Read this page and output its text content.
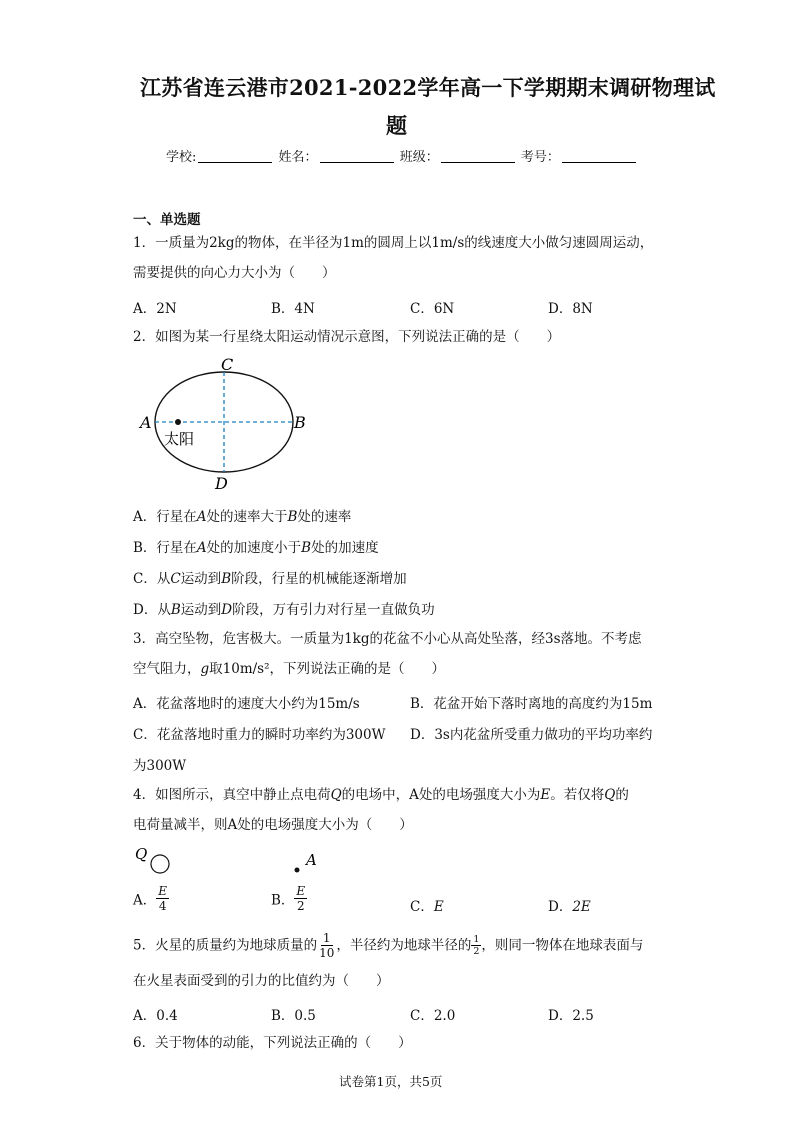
江苏省连云港市2021-2022学年高一下学期期末调研物理试
题
学校:	姓名：	班级：	考号：
一、单选题
1．一质量为2kg的物体，在半径为1m的圆周上以1m/s的线速度大小做匀速圆周运动，
需要提供的向心力大小为（　　）
A．2N	B．4N	C．6N	D．8N
2．如图为某一行星绕太阳运动情况示意图，下列说法正确的是（　　）
A	B
C
D
太阳
A．行星在A处的速率大于B处的速率
B．行星在A处的加速度小于B处的加速度
C．从C运动到B阶段，行星的机械能逐渐增加
D．从B运动到D阶段，万有引力对行星一直做负功
3．高空坠物，危害极大。一质量为1kg的花盆不小心从高处坠落，经3s落地。不考虑
空气阻力，g取10m/s²，下列说法正确的是（　　）
A．花盆落地时的速度大小约为15m/s	B．花盆开始下落时离地的高度约为15m
C．花盆落地时重力的瞬时功率约为300W D．3s内花盆所受重力做功的平均功率约
为300W
4．如图所示，真空中静止点电荷Q的电场中，A处的电场强度大小为E。若仅将Q的
电荷量减半，则A处的电场强度大小为（　　）
Q	A
A． $\frac{E}{4}$	B． $\frac{E}{2}$	C．E	D．2E
5．火星的质量约为地球质量的 $\frac{1}{10}$ ，半径约为地球半径的 $\frac{1}{2}$ ，则同一物体在地球表面与
在火星表面受到的引力的比值约为（　　）
A．0.4	B．0.5	C．2.0	D．2.5
6．关于物体的动能，下列说法正确的（　　）
试卷第1页，共5页
